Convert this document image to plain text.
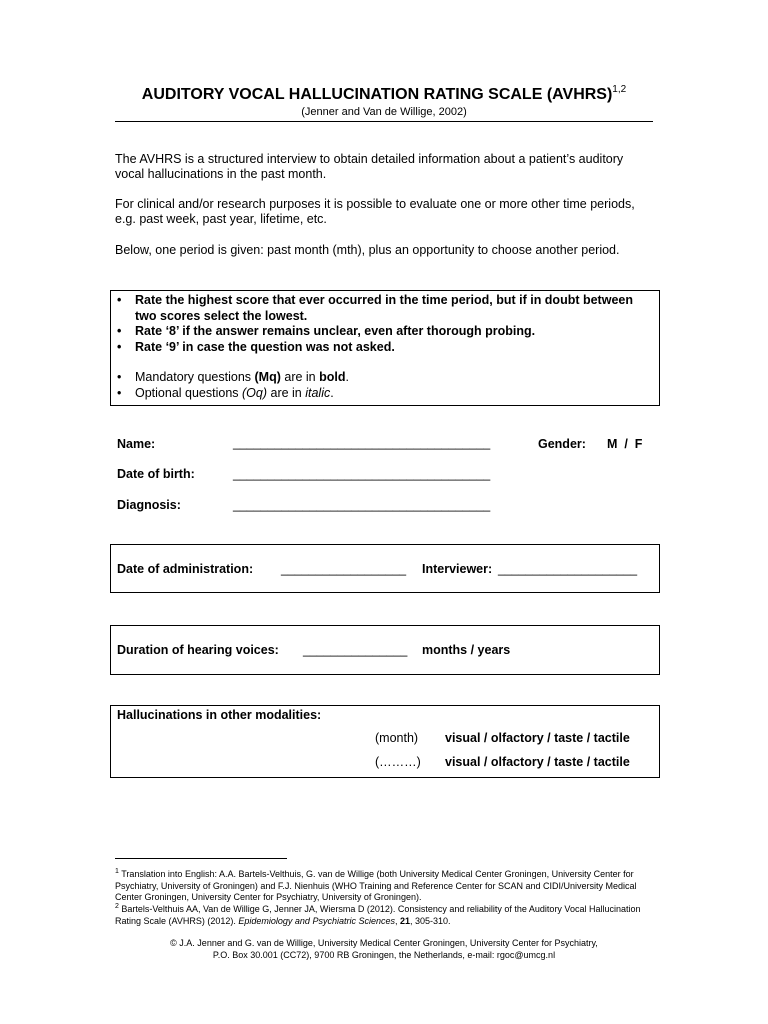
AUDITORY VOCAL HALLUCINATION RATING SCALE (AVHRS)$^{1,2}$
(Jenner and Van de Willige, 2002)
The AVHRS is a structured interview to obtain detailed information about a patient’s auditory vocal hallucinations in the past month.
For clinical and/or research purposes it is possible to evaluate one or more other time periods, e.g. past week, past year, lifetime, etc.
Below, one period is given: past month (mth), plus an opportunity to choose another period.
• Rate the highest score that ever occurred in the time period, but if in doubt between two scores select the lowest.
• Rate ‘8’ if the answer remains unclear, even after thorough probing.
• Rate ‘9’ in case the question was not asked.
• Mandatory questions (Mq) are in bold.
• Optional questions (Oq) are in italic.
Name:	_____________________________________	Gender: M  /  F
Date of birth:	_____________________________________
Diagnosis:	_____________________________________
Date of administration: __________________ Interviewer: ____________________
Duration of hearing voices: _______________ months / years
Hallucinations in other modalities:
(month) visual / olfactory / taste / tactile
(………) visual / olfactory / taste / tactile
$^1$ Translation into English: A.A. Bartels-Velthuis, G. van de Willige (both University Medical Center Groningen, University Center for Psychiatry, University of Groningen) and F.J. Nienhuis (WHO Training and Reference Center for SCAN and CIDI/University Medical Center Groningen, University Center for Psychiatry, University of Groningen).
$^2$ Bartels-Velthuis AA, Van de Willige G, Jenner JA, Wiersma D (2012). Consistency and reliability of the Auditory Vocal Hallucination Rating Scale (AVHRS) (2012). Epidemiology and Psychiatric Sciences, 21, 305-310.
© J.A. Jenner and G. van de Willige, University Medical Center Groningen, University Center for Psychiatry,
P.O. Box 30.001 (CC72), 9700 RB Groningen, the Netherlands, e-mail: rgoc@umcg.nl
